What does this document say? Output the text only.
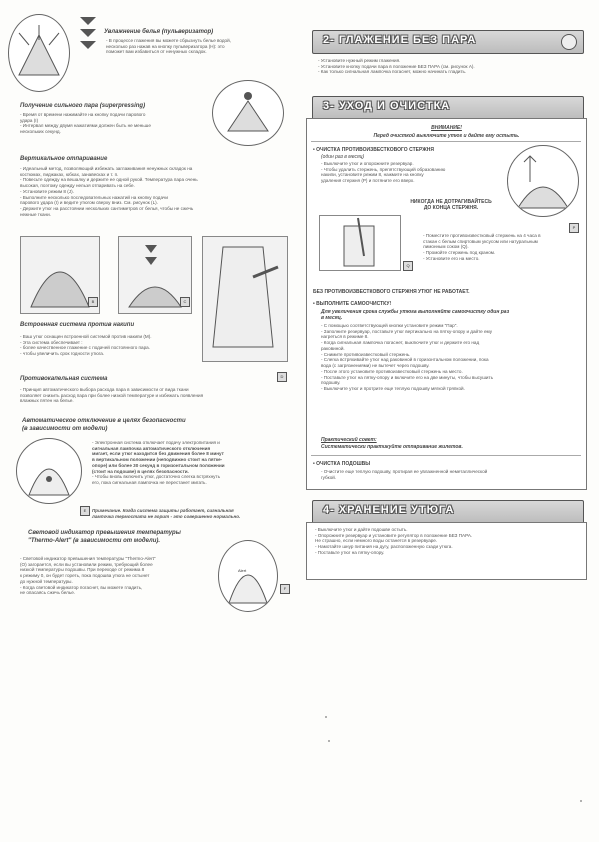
Увлажнение белья (пульверизатор)
- В процессе глажения вы можете сбрызнуть белье водой,
несколько раз нажав на кнопку пульверизатора (H): это
поможет вам избавиться от ненужных складок.
Получение сильного пара (superpressing)
- Время от времени нажимайте на кнопку подачи парового
удара (I)
- Интервал между двумя нажатиями должен быть не меньше
нескольких секунд.
Вертикальное отпаривание
- Идеальный метод, позволяющий избежать заглаживания ненужных складок на
костюмах, пиджаках, юбках, занавесках и т. п.
- Повесьте одежду на вешалку и держите ее одной рукой. Температура пара очень
высокая, поэтому одежду нельзя отпаривать на себе.
- Установите режим 8 (J).
- Выполните несколько последовательных нажатий на кнопку подачи
парового удара (I) и ведите утюгом сверху вниз. См. рисунок (L).
- Держите утюг на расстоянии нескольких сантиметров от белья, чтобы не сжечь
нежные ткани.
B	C
D
Встроенная система против накипи
- Ваш утюг оснащен встроенной системой против накипи (M).
- Эта система обеспечивает :
- более качественное глажение с подачей постоянного пара.
- чтобы увеличить срок годности утюга.
Противокапельная система
- Принцип автоматического выбора расхода пара в зависимости от вида ткани
позволяет снизить расход пара при более низкой температуре и избежать появления
влажных пятен на белье.
Автоматическое отключение в целях безопасности
(в зависимости от модели)
- Электронная система отключает подачу электропитания и
сигнальная лампочка автоматического отключения
мигает, если утюг находится без движения более 8 минут
в вертикальном положении (неподвижно стоит на пятке-
опоре) или более 30 секунд в горизонтальном положении
(стоит на подошве) в целях безопасности.
- Чтобы вновь включить утюг, достаточно слегка встряхнуть
его, пока сигнальная лампочка не перестанет мигать.
E	Примечание. Когда система защиты работает, сигнальная
лампочка термостата не горит - это совершенно нормально.
Световой индикатор превышения температуры
"Thermo-Alert" (в зависимости от модели).
- Световой индикатор превышения температуры "Thermo-Alert"
(O) загорается, если вы установили режим, требующий более
низкой температуры подошвы. При переходе от режима 8
к режиму 0, он будет гореть, пока подошва утюга не остынет
до нужной температуры.
- Когда световой индикатор погаснет, вы можете гладить,
не опасаясь сжечь белье.
Alert
F
2- ГЛАЖЕНИЕ БЕЗ ПАРА
- Установите нужный режим глажения.
- Установите кнопку подачи пара в положение БЕЗ ПАРА (см. рисунок A).
- Как только сигнальная лампочка погаснет, можно начинать гладить.
3- УХОД И ОЧИСТКА
ВНИМАНИЕ!
Перед очисткой выключите утюг и дайте ему остыть.
• ОЧИСТКА ПРОТИВОИЗВЕСТКОВОГО СТЕРЖНЯ
(один раз в месяц)
- Выключите утюг и опорожните резервуар.
- Чтобы удалить стержень, препятствующий образованию
накипи, установите режим 8, нажмите на кнопку
удаления стержня (P) и потяните его вверх.
P
НИКОГДА НЕ ДОТРАГИВАЙТЕСЬ
ДО КОНЦА СТЕРЖНЯ.
Q
- Поместите противоизвестковый стержень на 4 часа в
стакан с белым спиртовым уксусом или натуральным
лимонным соком (Q).
- Промойте стержень под краном.
- Установите его на место.
БЕЗ ПРОТИВОИЗВЕСТКОВОГО СТЕРЖНЯ УТЮГ НЕ РАБОТАЕТ.
• ВЫПОЛНИТЕ САМООЧИСТКУ!
Для увеличения срока службы утюга выполняйте самоочистку один раз
в месяц.
- С помощью соответствующей кнопки установите режим "Пар".
- Заполните резервуар, поставьте утюг вертикально на пятку-опору и дайте ему
нагреться в режиме 8.
- Когда сигнальная лампочка погаснет, выключите утюг и держите его над
раковиной.
- Снимите противоизвестковый стержень.
- Слегка встряхивайте утюг над раковиной в горизонтальном положении, пока
вода (с загрязнениями) не вытечет через подошву.
- После этого установите противоизвестковый стержень на место.
- Поставьте утюг на пятку-опору и включите его на две минуты, чтобы высушить
подошву.
- Выключите утюг и протрите еще теплую подошву мягкой тряпкой.
Практический совет:
Систематически практикуйте отпаривание жилетов.
• ОЧИСТКА ПОДОШВЫ
- Очистите еще теплую подошву, протирая ее увлажненной неметаллической
губкой.
4- ХРАНЕНИЕ УТЮГА
- Выключите утюг и дайте подошве остыть.
- Опорожните резервуар и установите регулятор в положение БЕЗ ПАРА.
Не страшно, если немного воды останется в резервуаре.
- Намотайте шнур питания на дугу, расположенную сзади утюга.
- Поставьте утюг на пятку-опору.
